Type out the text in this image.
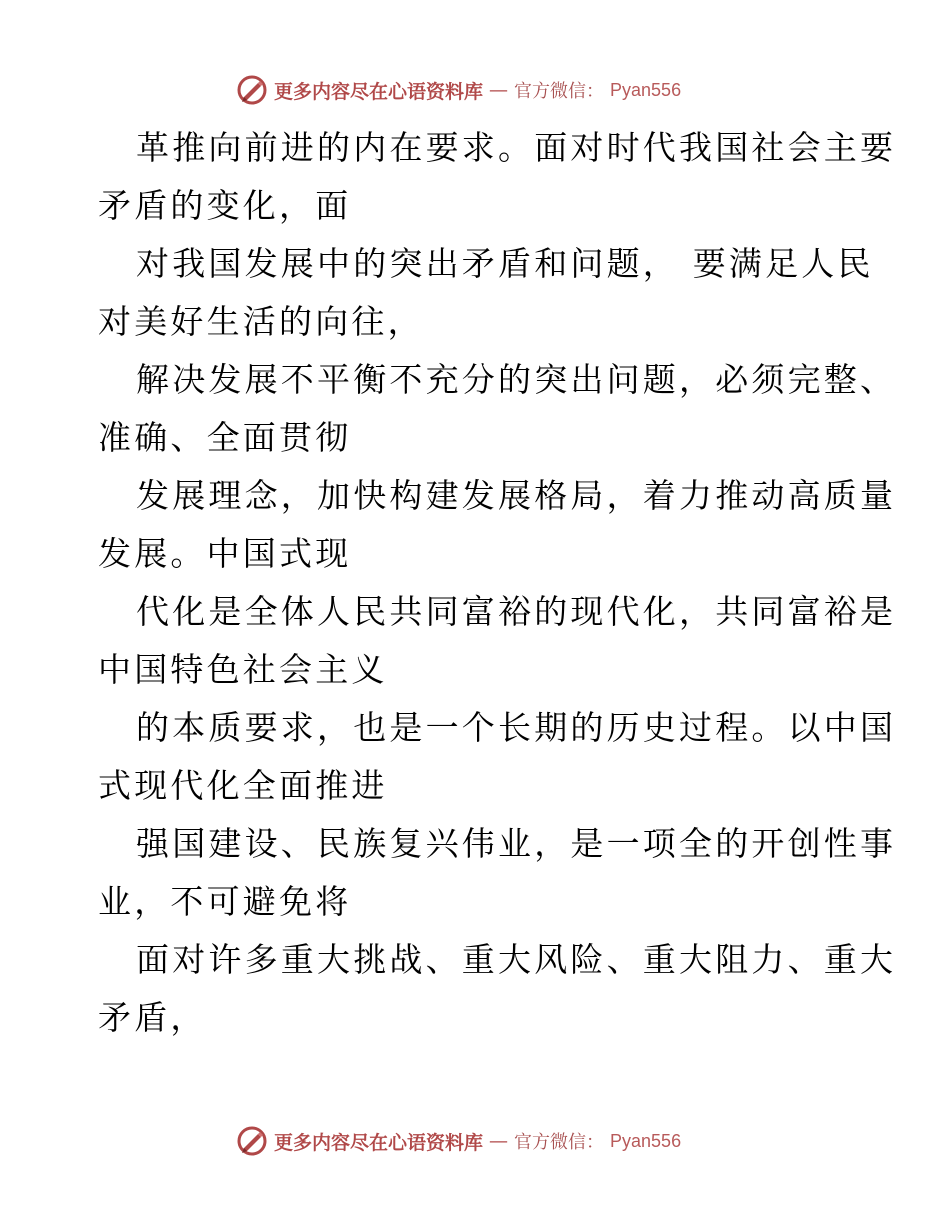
更多内容尽在心语资料库 — 官方微信： Pyan556

革推向前进的内在要求。面对时代我国社会主要
矛盾的变化，面

对我国发展中的突出矛盾和问题， 要满足人民
对美好生活的向往，

解决发展不平衡不充分的突出问题，必须完整、
准确、全面贯彻

发展理念，加快构建发展格局，着力推动高质量
发展。中国式现

代化是全体人民共同富裕的现代化，共同富裕是
中国特色社会主义

的本质要求，也是一个长期的历史过程。以中国
式现代化全面推进

强国建设、民族复兴伟业，是一项全的开创性事
业，不可避免将

面对许多重大挑战、重大风险、重大阻力、重大
矛盾，

更多内容尽在心语资料库 — 官方微信： Pyan556
